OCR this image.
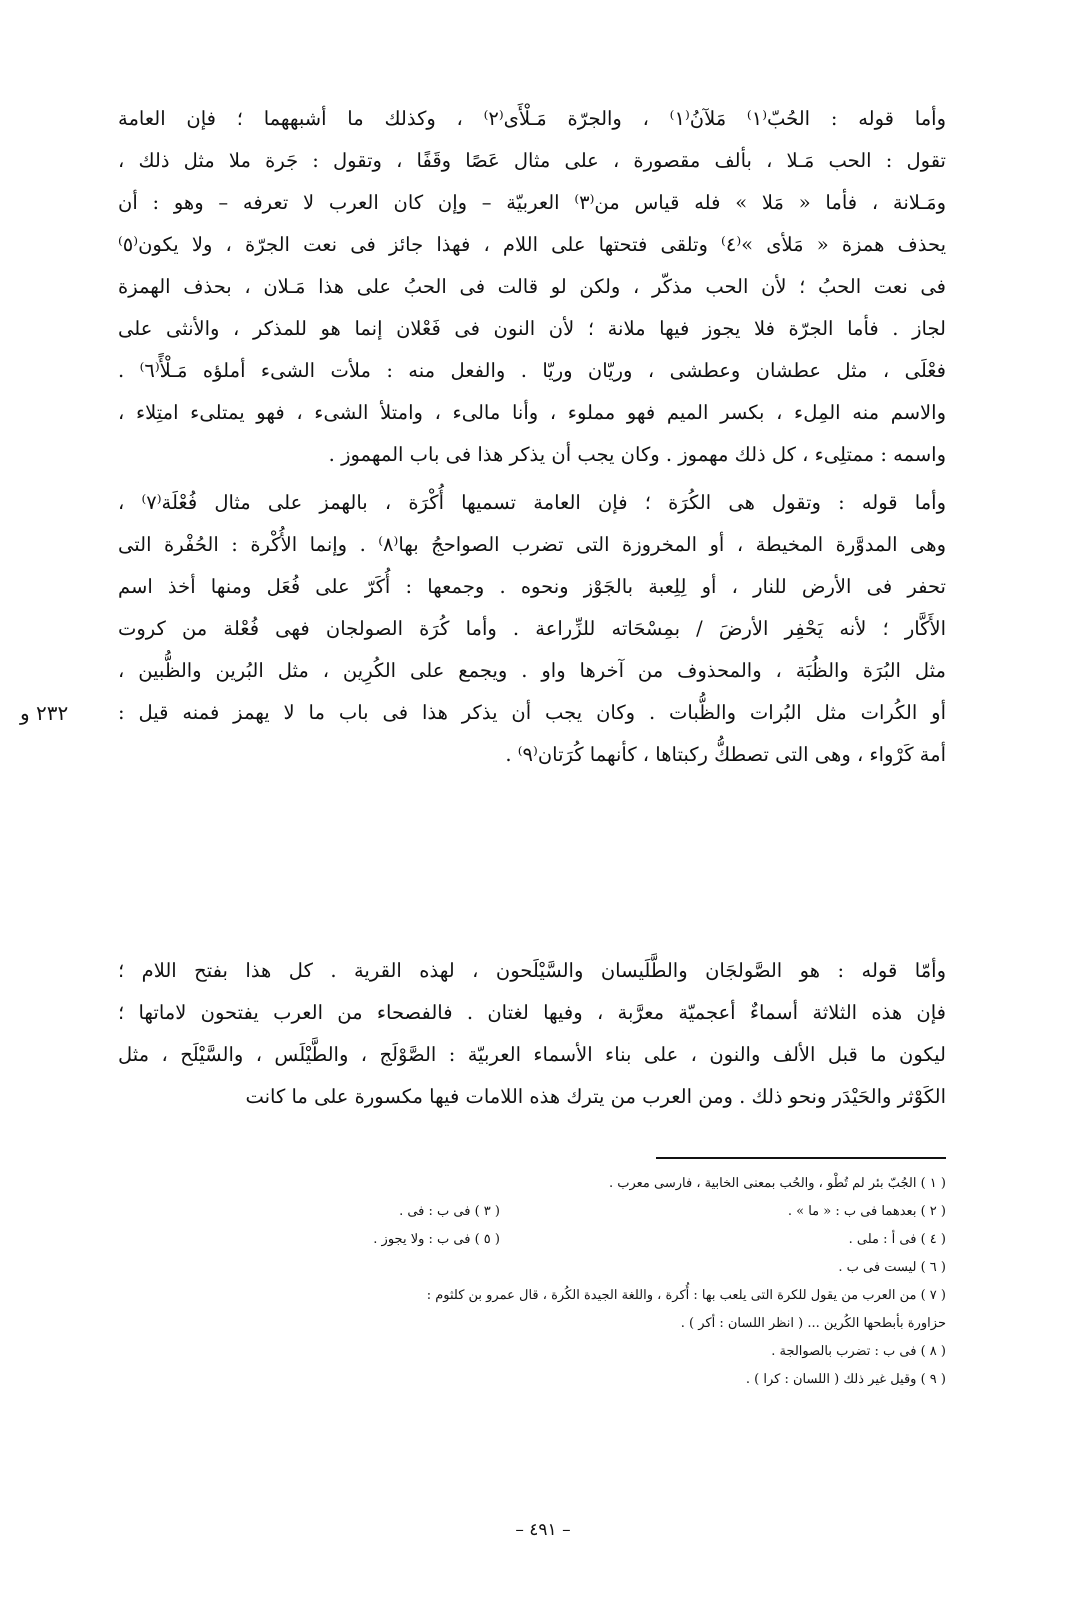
وأما قوله : الحُبّ⁽١⁾ مَلآنُ⁽١⁾ ، والجرّة مَـلْأَى⁽٢⁾ ، وكذلك ما أشبههما ؛ فإن العامة
تقول : الحب مَـلا ، بألف مقصورة ، على مثال عَصًا وقَفًا ، وتقول : جَرة ملا مثل ذلك ،
ومَـلانة ، فأما « مَلا » فله قياس من⁽٣⁾ العربيّة – وإن كان العرب لا تعرفه – وهو : أن
يحذف همزة « مَلأى »⁽٤⁾ وتلقى فتحتها على اللام ، فهذا جائز فى نعت الجرّة ، ولا يكون⁽٥⁾
فى نعت الحبُ ؛ لأن الحب مذكّر ، ولكن لو قالت فى الحبُ على هذا مَـلان ، بحذف الهمزة
لجاز . فأما الجرّة فلا يجوز فيها ملانة ؛ لأن النون فى فَعْلان إنما هو للمذكر ، والأنثى على
فعْلَى ، مثل عطشان وعطشى ، وريّان وريّا . والفعل منه : ملأت الشىء أملؤه مَـلْأً⁽٦⁾ .
والاسم منه المِلء ، بكسر الميم فهو مملوء ، وأنا مالىء ، وامتلأ الشىء ، فهو يمتلىء امتِلاء ،
واسمه : ممتلِىء ، كل ذلك مهموز . وكان يجب أن يذكر هذا فى باب المهموز .
وأما قوله : وتقول هى الكُرَة ؛ فإن العامة تسميها أُكْرَة ، بالهمز على مثال فُعْلَة⁽٧⁾ ،
وهى المدوَّرة المخيطة ، أو المخروزة التى تضرب الصواحجُ بها⁽٨⁾ . وإنما الأُكْرة : الحُفْرة التى
تحفر فى الأرض للنار ، أو لِلِعبة بالجَوْز ونحوه . وجمعها : أُكَرّ على فُعَل ومنها أخذ اسم
الأَكَّار ؛ لأنه يَحْفِر الأرضَ / بمِسْحَاته للزِّراعة . وأما كُرَة الصولجان فهى فُعْلة من كروت
مثل البُرَة والظُبَة ، والمحذوف من آخرها واو . ويجمع على الكُرِين ، مثل البُرين والظُّبين ،
أو الكُرات مثل البُرات والظُّبات . وكان يجب أن يذكر هذا فى باب ما لا يهمز فمنه قيل :
أمة كَرْواء ، وهى التى تصطكُّ ركبتاها ، كأنهما كُرَتان⁽٩⁾ .
وأمّا قوله : هو الصَّولجَان والطَّلَيسان والسَّيْلَحون ، لهذه القرية . كل هذا بفتح اللام ؛
فإن هذه الثلاثة أسماءٌ أعجميّة معرَّبة ، وفيها لغتان . فالفصحاء من العرب يفتحون لاماتها ؛
ليكون ما قبل الألف والنون ، على بناء الأسماء العربيّة : الصَّوْلَج ، والطَّيْلَس ، والسَّيْلَح ، مثل
الكَوْثر والحَيْدَر ونحو ذلك . ومن العرب من يترك هذه اللامات فيها مكسورة على ما كانت
٢٣٢ و
( ١ ) الجُبّ بئر لم تُطْو ، والحُب بمعنى الخابية ، فارسى معرب .
( ٢ ) بعدهما فى ب : « ما » .
( ٣ ) فى ب : فى .
( ٤ ) فى أ : ملى .
( ٥ ) فى ب : ولا يجوز .
( ٦ ) ليست فى ب .
( ٧ ) من العرب من يقول للكرة التى يلعب بها : أُكرة ، واللغة الجيدة الكُرة ، قال عمرو بن كلثوم :
حزاورة بأبطحها الكُرين ... ( انظر اللسان : أكر ) .
( ٨ ) فى ب : تضرب بالصوالجة .
( ٩ ) وقيل غير ذلك ( اللسان : كرا ) .
– ٤٩١ –
